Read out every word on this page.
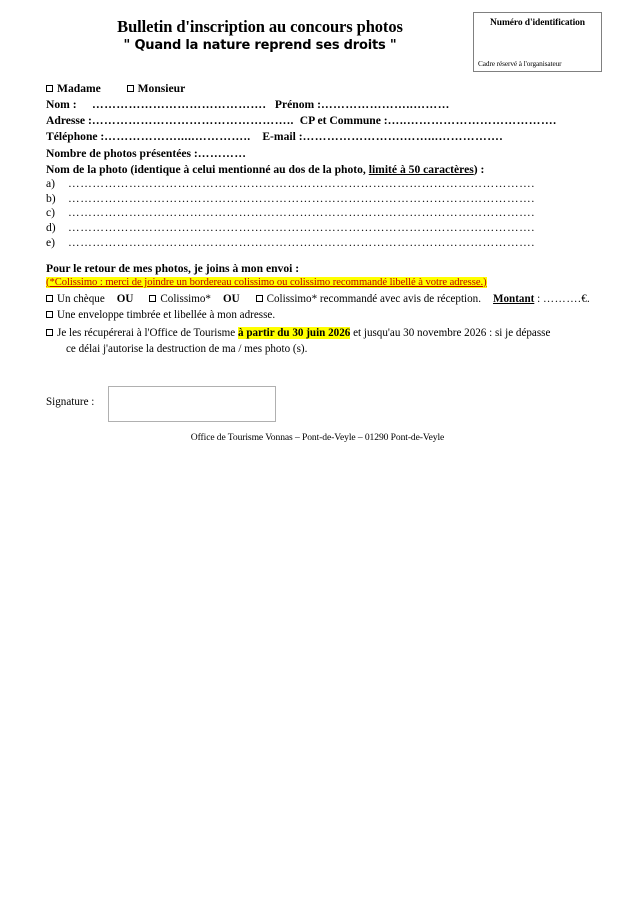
Bulletin d'inscription au concours photos
" Quand la nature reprend ses droits "
Numéro d'identification
Cadre réservé à l'organisateur
Madame	Monsieur
Nom : ……………………………………. Prénom :…………………..………
Adresse :………………………………………….. CP et Commune :…..……………………………….
Téléphone :……………….....………….. E-mail :…………………….……...…………….
Nombre de photos présentées :…………
Nom de la photo (identique à celui mentionné au dos de la photo, limité à 50 caractères) :
a) …………………………………………………………………………………………………….
b) …………………………………………………………………………………………………….
c) …………………………………………………………………………………………………….
d) …………………………………………………………………………………………………….
e) …………………………………………………………………………………………………….
Pour le retour de mes photos, je joins à mon envoi :
(*Colissimo : merci de joindre un bordereau colissimo ou colissimo recommandé libellé à votre adresse.)
Un chèque OU Colissimo* OU Colissimo* recommandé avec avis de réception. Montant : ……….€.
Une enveloppe timbrée et libellée à mon adresse.
Je les récupérerai à l'Office de Tourisme à partir du 30 juin 2026 et jusqu'au 30 novembre 2026 : si je dépasse
ce délai j'autorise la destruction de ma / mes photo (s).
Signature :
Office de Tourisme Vonnas – Pont-de-Veyle – 01290 Pont-de-Veyle
